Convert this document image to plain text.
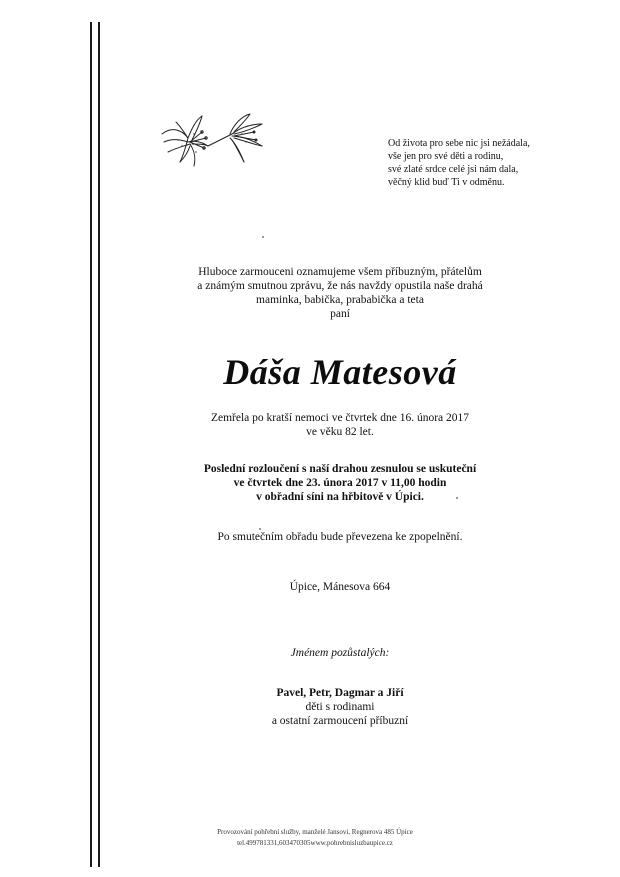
Od života pro sebe nic jsi nežádala,
vše jen pro své děti a rodinu,
své zlaté srdce celé jsi nám dala,
věčný klid buď Ti v odměnu.
Hluboce zarmouceni oznamujeme všem příbuzným, přátelům
a známým smutnou zprávu, že nás navždy opustila naše drahá
maminka, babička, prababička a teta
paní
Dáša Matesová
Zemřela po kratší nemoci ve čtvrtek dne 16. února 2017
ve věku 82 let.
Poslední rozloučení s naší drahou zesnulou se uskuteční
ve čtvrtek dne 23. února 2017 v 11,00 hodin
v obřadní síni na hřbitově v Úpici.
Po smutečním obřadu bude převezena ke zpopelnění.
Úpice, Mánesova 664
Jménem pozůstalých:
Pavel, Petr, Dagmar a Jiří
děti s rodinami
a ostatní zarmoucení příbuzní
Provozování pohřební služby, manželé Jansovi, Regnerova 485 Úpice
tel.499781331,603470305www.pohrebnisluzbaupice.cz
